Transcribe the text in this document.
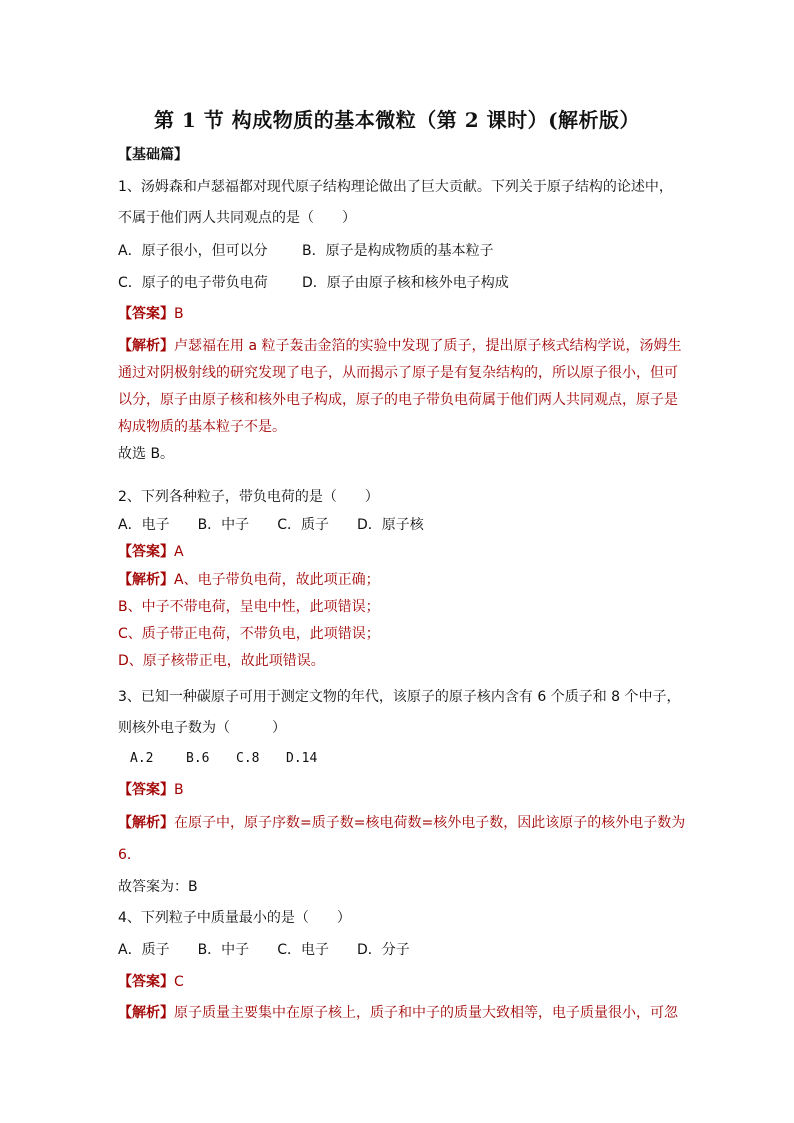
第 1 节 构成物质的基本微粒（第 2 课时）(解析版）
【基础篇】
1、汤姆森和卢瑟福都对现代原子结构理论做出了巨大贡献。下列关于原子结构的论述中，
不属于他们两人共同观点的是（　　）
A．原子很小，但可以分 B．原子是构成物质的基本粒子
C．原子的电子带负电荷 D．原子由原子核和核外电子构成
【答案】B
【解析】卢瑟福在用 a 粒子轰击金箔的实验中发现了质子，提出原子核式结构学说，汤姆生
通过对阴极射线的研究发现了电子，从而揭示了原子是有复杂结构的，所以原子很小，但可
以分，原子由原子核和核外电子构成，原子的电子带负电荷属于他们两人共同观点，原子是
构成物质的基本粒子不是。
故选 B。
2、下列各种粒子，带负电荷的是（　　）
A．电子 B．中子 C．质子 D．原子核
【答案】A
【解析】A、电子带负电荷，故此项正确；
B、中子不带电荷，呈电中性，此项错误；
C、质子带正电荷，不带负电，此项错误；
D、原子核带正电，故此项错误。
3、已知一种碳原子可用于测定文物的年代，该原子的原子核内含有 6 个质子和 8 个中子，
则核外电子数为（　　　）
A.2	B.6 C.8 D.14
【答案】B
【解析】在原子中，原子序数=质子数=核电荷数=核外电子数，因此该原子的核外电子数为
6．
故答案为：B
4、下列粒子中质量最小的是（　　）
A．质子 B．中子 C．电子 D．分子
【答案】C
【解析】原子质量主要集中在原子核上，质子和中子的质量大致相等，电子质量很小，可忽
